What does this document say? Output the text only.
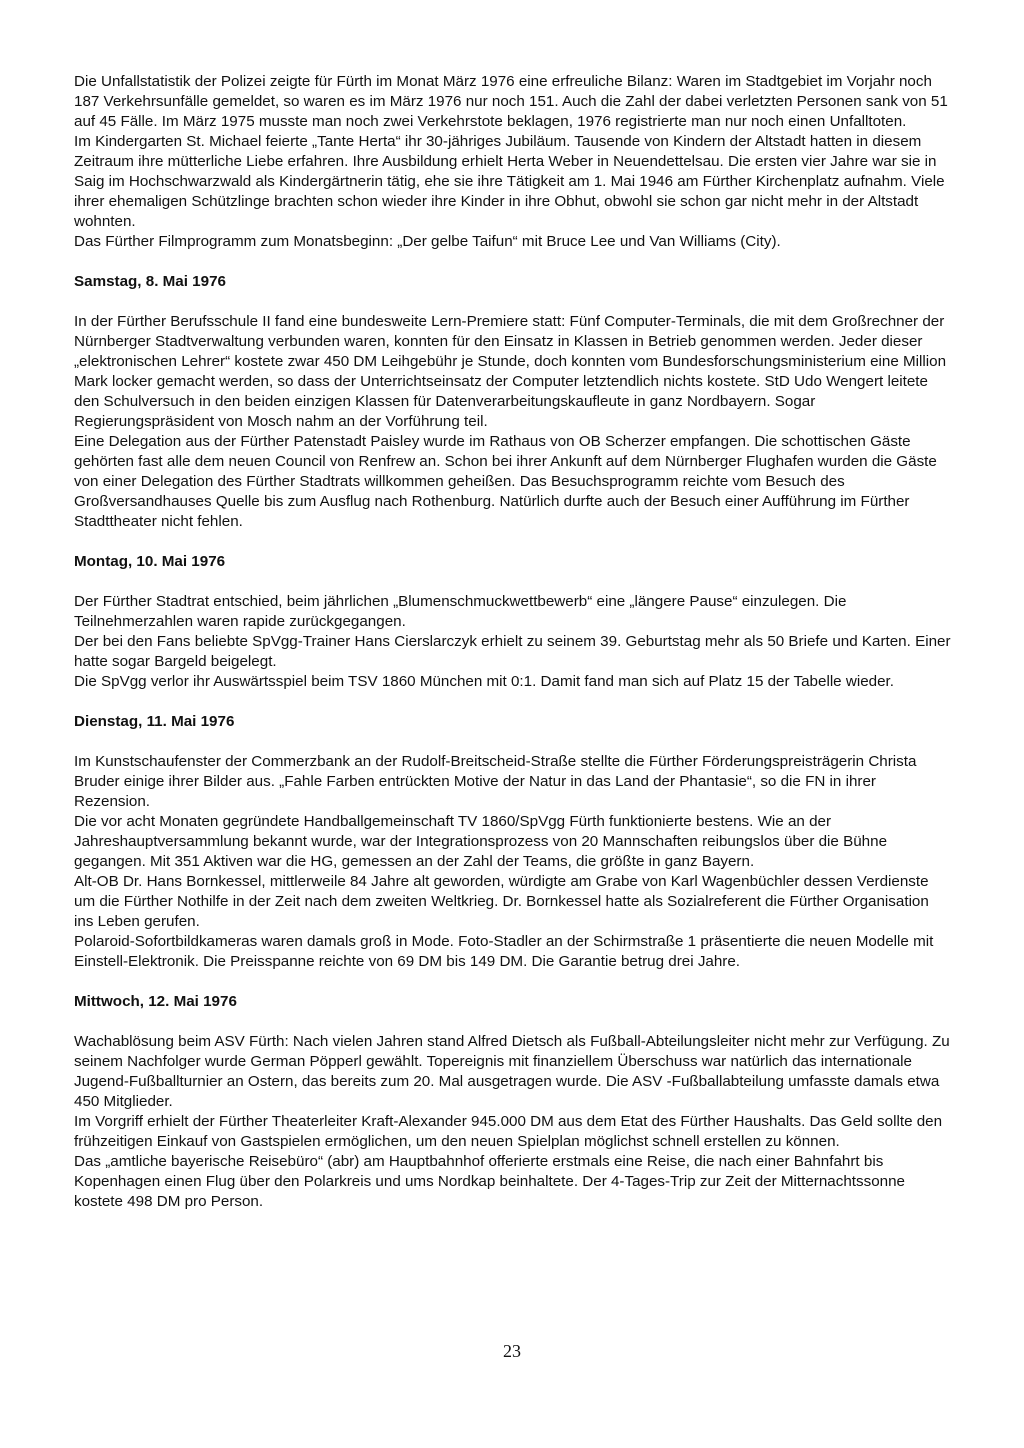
Die Unfallstatistik der Polizei zeigte für Fürth im Monat März 1976 eine erfreuliche Bilanz: Waren im Stadtgebiet im Vorjahr noch 187 Verkehrsunfälle gemeldet, so waren es im März 1976 nur noch 151. Auch die Zahl der dabei verletzten Personen sank von 51 auf 45 Fälle. Im März 1975 musste man noch zwei Verkehrstote beklagen, 1976 registrierte man nur noch einen Unfalltoten.

Im Kindergarten St. Michael feierte „Tante Herta“ ihr 30-jähriges Jubiläum. Tausende von Kindern der Altstadt hatten in diesem Zeitraum ihre mütterliche Liebe erfahren. Ihre Ausbildung erhielt Herta Weber in Neuendettelsau. Die ersten vier Jahre war sie in Saig im Hochschwarzwald als Kindergärtnerin tätig, ehe sie ihre Tätigkeit am 1. Mai 1946 am Fürther Kirchenplatz aufnahm. Viele ihrer ehemaligen Schützlinge brachten schon wieder ihre Kinder in ihre Obhut, obwohl sie schon gar nicht mehr in der Altstadt wohnten.

Das Fürther Filmprogramm zum Monatsbeginn: „Der gelbe Taifun“ mit Bruce Lee und Van Williams (City).

Samstag, 8. Mai 1976

In der Fürther Berufsschule II fand eine bundesweite Lern-Premiere statt: Fünf Computer-Terminals, die mit dem Großrechner der Nürnberger Stadtverwaltung verbunden waren, konnten für den Einsatz in Klassen in Betrieb genommen werden. Jeder dieser „elektronischen Lehrer“ kostete zwar 450 DM Leihgebühr je Stunde, doch konnten vom Bundesforschungsministerium eine Million Mark locker gemacht werden, so dass der Unterrichtseinsatz der Computer letztendlich nichts kostete. StD Udo Wengert leitete den Schulversuch in den beiden einzigen Klassen für Datenverarbeitungskaufleute in ganz Nordbayern. Sogar Regierungspräsident von Mosch nahm an der Vorführung teil.

Eine Delegation aus der Fürther Patenstadt Paisley wurde im Rathaus von OB Scherzer empfangen. Die schottischen Gäste gehörten fast alle dem neuen Council von Renfrew an. Schon bei ihrer Ankunft auf dem Nürnberger Flughafen wurden die Gäste von einer Delegation des Fürther Stadtrats willkommen geheißen. Das Besuchsprogramm reichte vom Besuch des Großversandhauses Quelle bis zum Ausflug nach Rothenburg. Natürlich durfte auch der Besuch einer Aufführung im Fürther Stadttheater nicht fehlen.

Montag, 10. Mai 1976

Der Fürther Stadtrat entschied, beim jährlichen „Blumenschmuckwettbewerb“ eine „längere Pause“ einzulegen. Die Teilnehmerzahlen waren rapide zurückgegangen.

Der bei den Fans beliebte SpVgg-Trainer Hans Cierslarczyk erhielt zu seinem 39. Geburtstag mehr als 50 Briefe und Karten. Einer hatte sogar Bargeld beigelegt.

Die SpVgg verlor ihr Auswärtsspiel beim TSV 1860 München mit 0:1. Damit fand man sich auf Platz 15 der Tabelle wieder.

Dienstag, 11. Mai 1976

Im Kunstschaufenster der Commerzbank an der Rudolf-Breitscheid-Straße stellte die Fürther Förderungspreisträgerin Christa Bruder einige ihrer Bilder aus. „Fahle Farben entrückten Motive der Natur in das Land der Phantasie“, so die FN in ihrer Rezension.

Die vor acht Monaten gegründete Handballgemeinschaft TV 1860/SpVgg Fürth funktionierte bestens. Wie an der Jahreshauptversammlung bekannt wurde, war der Integrationsprozess von 20 Mannschaften reibungslos über die Bühne gegangen. Mit 351 Aktiven war die HG, gemessen an der Zahl der Teams, die größte in ganz Bayern.

Alt-OB Dr. Hans Bornkessel, mittlerweile 84 Jahre alt geworden, würdigte am Grabe von Karl Wagenbüchler dessen Verdienste um die Fürther Nothilfe in der Zeit nach dem zweiten Weltkrieg. Dr. Bornkessel hatte als Sozialreferent die Fürther Organisation ins Leben gerufen.

Polaroid-Sofortbildkameras waren damals groß in Mode. Foto-Stadler an der Schirmstraße 1 präsentierte die neuen Modelle mit Einstell-Elektronik. Die Preisspanne reichte von 69 DM bis 149 DM. Die Garantie betrug drei Jahre.

Mittwoch, 12. Mai 1976

Wachablösung beim ASV Fürth: Nach vielen Jahren stand Alfred Dietsch als Fußball-Abteilungsleiter nicht mehr zur Verfügung. Zu seinem Nachfolger wurde German Pöpperl gewählt. Topereignis mit finanziellem Überschuss war natürlich das internationale Jugend-Fußballturnier an Ostern, das bereits zum 20. Mal ausgetragen wurde. Die ASV -Fußballabteilung umfasste damals etwa 450 Mitglieder.

Im Vorgriff erhielt der Fürther Theaterleiter Kraft-Alexander 945.000 DM aus dem Etat des Fürther Haushalts. Das Geld sollte den frühzeitigen Einkauf von Gastspielen ermöglichen, um den neuen Spielplan möglichst schnell erstellen zu können.

Das „amtliche bayerische Reisebüro“ (abr) am Hauptbahnhof offerierte erstmals eine Reise, die nach einer Bahnfahrt bis Kopenhagen einen Flug über den Polarkreis und ums Nordkap beinhaltete. Der 4-Tages-Trip zur Zeit der Mitternachtssonne kostete 498 DM pro Person.

23
